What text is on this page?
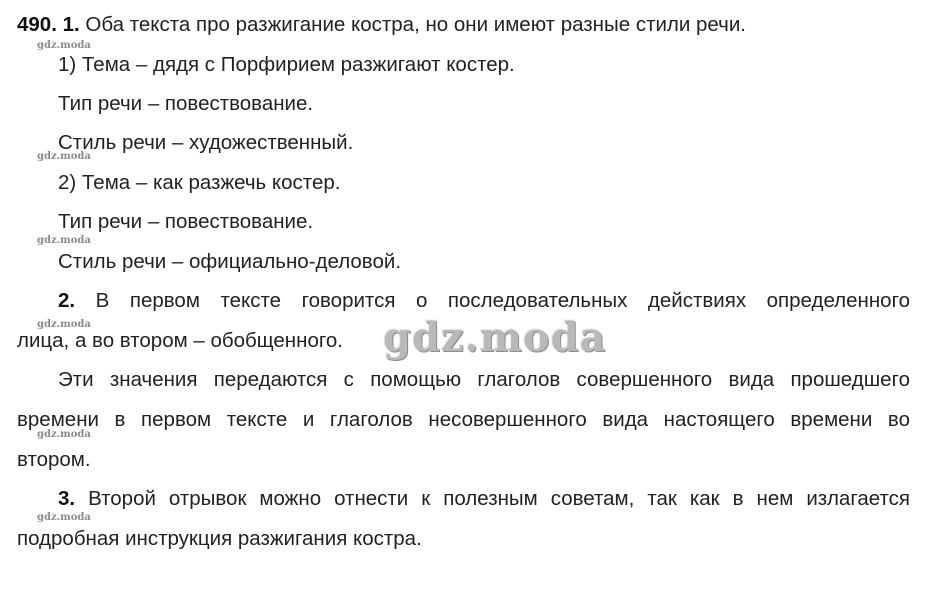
490. 1. Оба текста про разжигание костра, но они имеют разные стили речи.
1) Тема – дядя с Порфирием разжигают костер.
Тип речи – повествование.
Стиль речи – художественный.
2) Тема – как разжечь костер.
Тип речи – повествование.
Стиль речи – официально-деловой.
2. В первом тексте говорится о последовательных действиях определенного
лица, а во втором – обобщенного.
Эти значения передаются с помощью глаголов совершенного вида прошедшего
времени в первом тексте и глаголов несовершенного вида настоящего времени во
втором.
3. Второй отрывок можно отнести к полезным советам, так как в нем излагается
подробная инструкция разжигания костра.
gdz.moda
gdz.moda
gdz.moda
gdz.moda
gdz.moda
gdz.moda
gdz.moda
